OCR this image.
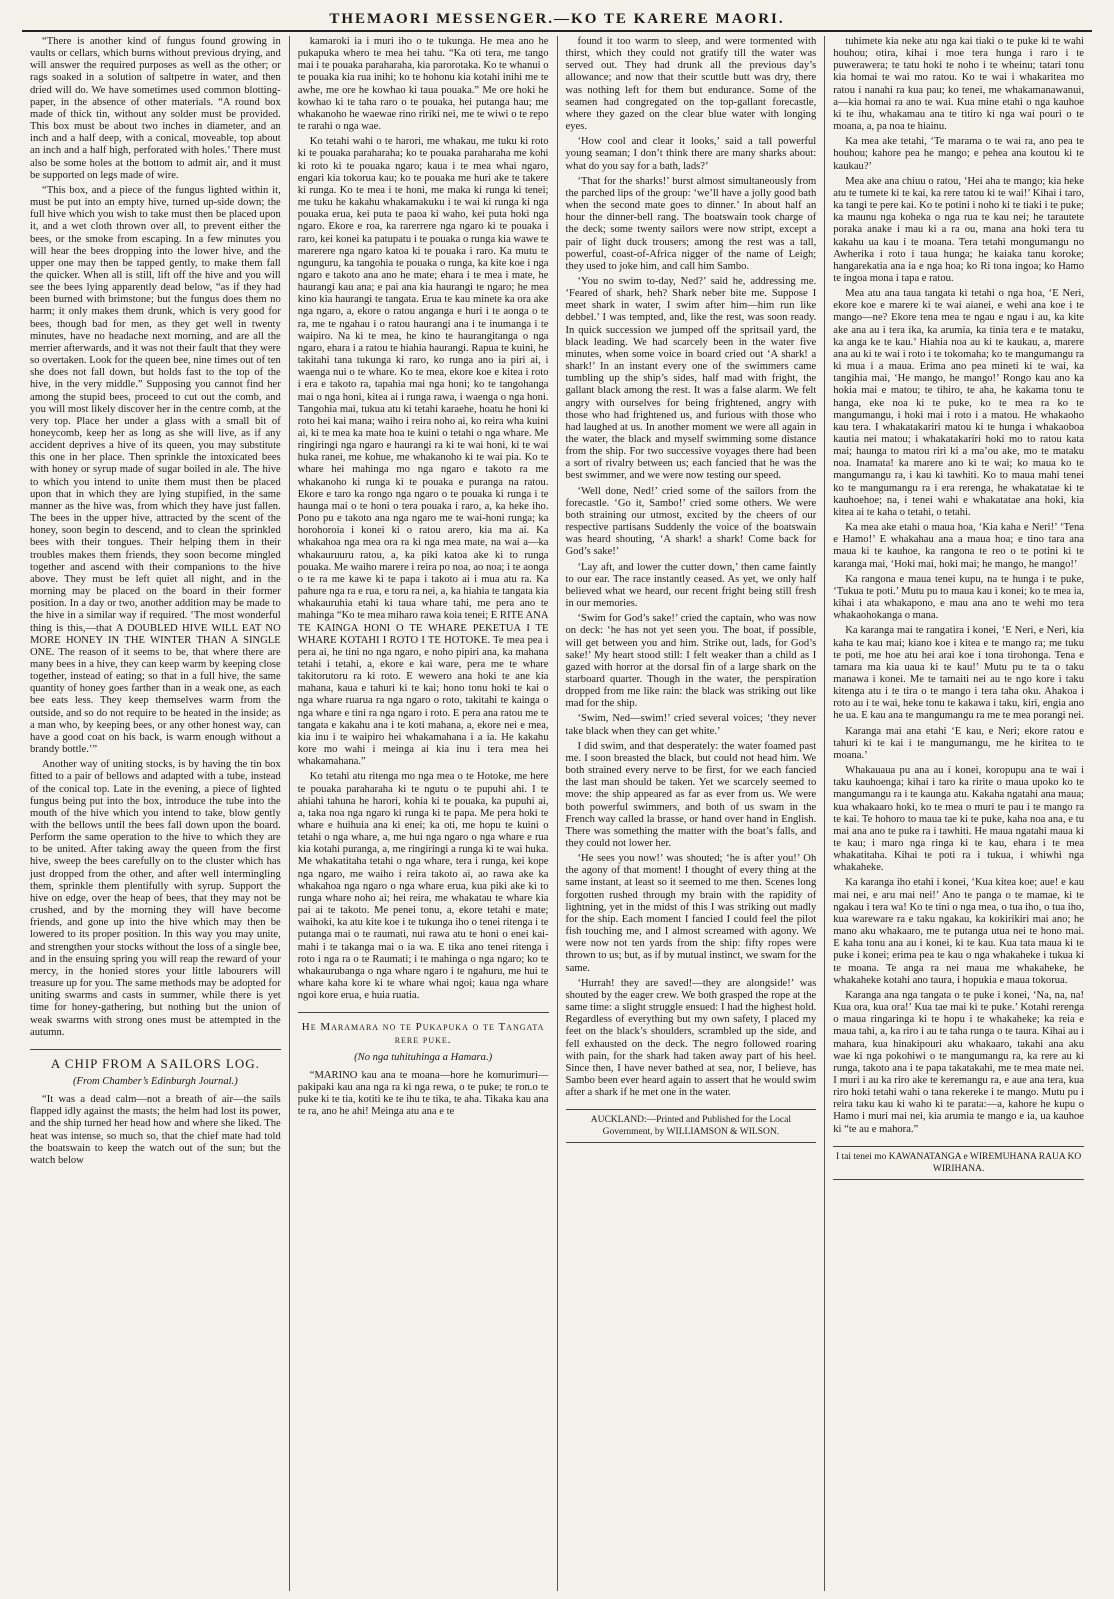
THEMAORI MESSENGER.—KO TE KARERE MAORI.

“There is another kind of fungus found growing in vaults or cellars, which burns without previous drying, and will answer the required purposes as well as the other; or rags soaked in a solution of saltpetre in water, and then dried will do. We have sometimes used common blotting-paper, in the absence of other materials. “A round box made of thick tin, without any solder must be provided. This box must be about two inches in diameter, and an inch and a half deep, with a conical, moveable, top about an inch and a half high, perforated with holes.’ There must also be some holes at the bottom to admit air, and it must be supported on legs made of wire.

“This box, and a piece of the fungus lighted within it, must be put into an empty hive, turned up-side down; the full hive which you wish to take must then be placed upon it, and a wet cloth thrown over all, to prevent either the bees, or the smoke from escaping. In a few minutes you will hear the bees dropping into the lower hive, and the upper one may then be tapped gently, to make them fall the quicker. When all is still, lift off the hive and you will see the bees lying apparently dead below, “as if they had been burned with brimstone; but the fungus does them no harm; it only makes them drunk, which is very good for bees, though bad for men, as they get well in twenty minutes, have no headache next morning, and are all the merrier afterwards, and it was not their fault that they were so overtaken. Look for the queen bee, nine times out of ten she does not fall down, but holds fast to the top of the hive, in the very middle.” Supposing you cannot find her among the stupid bees, proceed to cut out the comb, and you will most likely discover her in the centre comb, at the very top. Place her under a glass with a small bit of honeycomb, keep her as long as she will live, as if any accident deprives a hive of its queen, you may substitute this one in her place. Then sprinkle the intoxicated bees with honey or syrup made of sugar boiled in ale. The hive to which you intend to unite them must then be placed upon that in which they are lying stupified, in the same manner as the hive was, from which they have just fallen. The bees in the upper hive, attracted by the scent of the honey, soon begin to descend, and to clean the sprinkled bees with their tongues. Their helping them in their troubles makes them friends, they soon become mingled together and ascend with their companions to the hive above. They must be left quiet all night, and in the morning may be placed on the board in their former position. In a day or two, another addition may be made to the hive in a similar way if required. ‘The most wonderful thing is this,—that A DOUBLED HIVE WILL EAT NO MORE HONEY IN THE WINTER THAN A SINGLE ONE. The reason of it seems to be, that where there are many bees in a hive, they can keep warm by keeping close together, instead of eating; so that in a full hive, the same quantity of honey goes farther than in a weak one, as each bee eats less. They keep themselves warm from the outside, and so do not require to be heated in the inside; as a man who, by keeping bees, or any other honest way, can have a good coat on his back, is warm enough without a brandy bottle.’”

Another way of uniting stocks, is by having the tin box fitted to a pair of bellows and adapted with a tube, instead of the conical top. Late in the evening, a piece of lighted fungus being put into the box, introduce the tube into the mouth of the hive which you intend to take, blow gently with the bellows until the bees fall down upon the board. Perform the same operation to the hive to which they are to be united. After taking away the queen from the first hive, sweep the bees carefully on to the cluster which has just dropped from the other, and after well intermingling them, sprinkle them plentifully with syrup. Support the hive on edge, over the heap of bees, that they may not be crushed, and by the morning they will have become friends, and gone up into the hive which may then be lowered to its proper position. In this way you may unite, and strengthen your stocks without the loss of a single bee, and in the ensuing spring you will reap the reward of your mercy, in the honied stores your little labourers will treasure up for you. The same methods may be adopted for uniting swarms and casts in summer, while there is yet time for honey-gathering, but nothing but the union of weak swarms with strong ones must be attempted in the autumn.

A CHIP FROM A SAILORS LOG.
(From Chamber’s Edinburgh Journal.)

“It was a dead calm—not a breath of air—the sails flapped idly against the masts; the helm had lost its power, and the ship turned her head how and where she liked. The heat was intense, so much so, that the chief mate had told the boatswain to keep the watch out of the sun; but the watch below

kamaroki ia i muri iho o te tukunga. He mea ano he pukapuka whero te mea hei tahu. “Ka oti tera, me tango mai i te pouaka paraharaha, kia parorotaka. Ko te whanui o te pouaka kia rua inihi; ko te hohonu kia kotahi inihi me te awhe, me ore he kowhao ki taua pouaka.” Me ore hoki he kowhao ki te taha raro o te pouaka, hei putanga hau; me whakanoho he waewae rino ririki nei, me te wiwi o te repo te rarahi o nga wae.

Ko tetahi wahi o te harori, me whakau, me tuku ki roto ki te pouaka paraharaha; ko te pouaka paraharaha me kohi ki roto ki te pouaka ngaro; kaua i te mea whai ngaro, engari kia tokorua kau; ko te pouaka me huri ake te takere ki runga. Ko te mea i te honi, me maka ki runga ki tenei; me tuku he kakahu whakamakuku i te wai ki runga ki nga pouaka erua, kei puta te paoa ki waho, kei puta hoki nga ngaro. Ekore e roa, ka rarerrere nga ngaro ki te pouaka i raro, kei konei ka patupatu i te pouaka o runga kia wawe te marerere nga ngaro katoa ki te pouaka i raro. Ka mutu te ngunguru, ka tangohia te pouaka o runga, ka kite koe i nga ngaro e takoto ana ano he mate; ehara i te mea i mate, he haurangi kau ana; e pai ana kia haurangi te ngaro; he mea kino kia haurangi te tangata. Erua te kau minete ka ora ake nga ngaro, a, ekore o ratou anganga e huri i te aonga o te ra, me te ngahau i o ratou haurangi ana i te inumanga i te waipiro. Na ki te mea, he kino te haurangitanga o nga ngaro, ehara i a ratou te hiahia haurangi. Rapua te kuini, he takitahi tana tukunga ki raro, ko runga ano ia piri ai, i waenga nui o te whare. Ko te mea, ekore koe e kitea i roto i era e takoto ra, tapahia mai nga honi; ko te tangohanga mai o nga honi, kitea ai i runga rawa, i waenga o nga honi. Tangohia mai, tukua atu ki tetahi karaehe, hoatu he honi ki roto hei kai mana; waiho i reira noho ai, ko reira wha kuini ai, ki te mea ka mate hoa te kuini o tetahi o nga whare. Me ringiringi nga ngaro e haurangi ra ki te wai honi, ki te wai huka ranei, me kohue, me whakanoho ki te wai pia. Ko te whare hei mahinga mo nga ngaro e takoto ra me whakanoho ki runga ki te pouaka e puranga na ratou. Ekore e taro ka rongo nga ngaro o te pouaka ki runga i te haunga mai o te honi o tera pouaka i raro, a, ka heke iho. Pono pu e takoto ana nga ngaro me te wai-honi runga; ka horohoroia i konei ki o ratou arero, kia ma ai. Ka whakahoa nga mea ora ra ki nga mea mate, na wai a—ka whakauruuru ratou, a, ka piki katoa ake ki to runga pouaka. Me waiho marere i reira po noa, ao noa; i te aonga o te ra me kawe ki te papa i takoto ai i mua atu ra. Ka pahure nga ra e rua, e toru ra nei, a, ka hiahia te tangata kia whakauruhia etahi ki taua whare tahi, me pera ano te mahinga “Ko te mea miharo rawa koia tenei; E RITE ANA TE KAINGA HONI O TE WHARE PEKETUA I TE WHARE KOTAHI I ROTO I TE HOTOKE. Te mea pea i pera ai, he tini no nga ngaro, e noho pipiri ana, ka mahana tetahi i tetahi, a, ekore e kai ware, pera me te whare takitorutoru ra ki roto. E wewero ana hoki te ane kia mahana, kaua e tahuri ki te kai; hono tonu hoki te kai o nga whare ruarua ra nga ngaro o roto, takitahi te kainga o nga whare e tini ra nga ngaro i roto. E pera ana ratou me te tangata e kakahu ana i te koti mahana, a, ekore nei e mea, kia inu i te waipiro hei whakamahana i a ia. He kakahu kore mo wahi i meinga ai kia inu i tera mea hei whakamahana.”

Ko tetahi atu ritenga mo nga mea o te Hotoke, me here te pouaka paraharaha ki te ngutu o te pupuhi ahi. I te ahiahi tahuna he harori, kohia ki te pouaka, ka pupuhi ai, a, taka noa nga ngaro ki runga ki te papa. Me pera hoki te whare e huihuia ana ki enei; ka oti, me hopu te kuini o tetahi o nga whare, a, me hui nga ngaro o nga whare e rua kia kotahi puranga, a, me ringiringi a runga ki te wai huka. Me whakatitaha tetahi o nga whare, tera i runga, kei kope nga ngaro, me waiho i reira takoto ai, ao rawa ake ka whakahoa nga ngaro o nga whare erua, kua piki ake ki to runga whare noho ai; hei reira, me whakatau te whare kia pai ai te takoto. Me penei tonu, a, ekore tetahi e mate; waihoki, ka atu kite koe i te tukunga iho o tenei ritenga i te putanga mai o te raumati, nui rawa atu te honi o enei kai-mahi i te takanga mai o ia wa. E tika ano tenei ritenga i roto i nga ra o te Raumati; i te mahinga o nga ngaro; ko te whakaurubanga o nga whare ngaro i te ngahuru, me hui te whare kaha kore ki te whare whai ngoi; kaua nga whare ngoi kore erua, e huia ruatia.

He Maramara no te Pukapuka o te Tangata rere puke.
(No nga tuhituhinga a Hamara.)

“MARINO kau ana te moana—hore he komurimuri—pakipaki kau ana nga ra ki nga rewa, o te puke; te ron.o te puke ki te tia, kotiti ke te ihu te tika, te aha. Tikaka kau ana te ra, ano he ahi! Meinga atu ana e te

found it too warm to sleep, and were tormented with thirst, which they could not gratify till the water was served out. They had drunk all the previous day’s allowance; and now that their scuttle butt was dry, there was nothing left for them but endurance. Some of the seamen had congregated on the top-gallant forecastle, where they gazed on the clear blue water with longing eyes.

‘How cool and clear it looks,’ said a tall powerful young seaman; I don’t think there are many sharks about: what do you say for a bath, lads?’

‘That for the sharks!’ burst almost simultaneously from the parched lips of the group: ‘we’ll have a jolly good bath when the second mate goes to dinner.’ In about half an hour the dinner-bell rang. The boatswain took charge of the deck; some twenty sailors were now stript, except a pair of light duck trousers; among the rest was a tall, powerful, coast-of-Africa nigger of the name of Leigh; they used to joke him, and call him Sambo.

‘You no swim to-day, Ned?’ said he, addressing me. ‘Feared of shark, heh? Shark neber bite me. Suppose I meet shark in water, I swim after him—him run like debbel.’ I was tempted, and, like the rest, was soon ready. In quick succession we jumped off the spritsail yard, the black leading. We had scarcely been in the water five minutes, when some voice in board cried out ‘A shark! a shark!’ In an instant every one of the swimmers came tumbling up the ship’s sides, half mad with fright, the gallant black among the rest. It was a false alarm. We felt angry with ourselves for being frightened, angry with those who had frightened us, and furious with those who had laughed at us. In another moment we were all again in the water, the black and myself swimming some distance from the ship. For two successive voyages there had been a sort of rivalry between us; each fancied that he was the best swimmer, and we were now testing our speed.

‘Well done, Ned!’ cried some of the sailors from the forecastle. ‘Go it, Sambo!’ cried some others. We were both straining our utmost, excited by the cheers of our respective partisans Suddenly the voice of the boatswain was heard shouting, ‘A shark! a shark! Come back for God’s sake!’

‘Lay aft, and lower the cutter down,’ then came faintly to our ear. The race instantly ceased. As yet, we only half believed what we heard, our recent fright being still fresh in our memories.

‘Swim for God’s sake!’ cried the captain, who was now on deck: ‘he has not yet seen you. The boat, if possible, will get between you and him. Strike out, lads, for God’s sake!’ My heart stood still: I felt weaker than a child as I gazed with horror at the dorsal fin of a large shark on the starboard quarter. Though in the water, the perspiration dropped from me like rain: the black was striking out like mad for the ship.

‘Swim, Ned—swim!’ cried several voices; ‘they never take black when they can get white.’

I did swim, and that desperately: the water foamed past me. I soon breasted the black, but could not head him. We both strained every nerve to be first, for we each fancied the last man should be taken. Yet we scarcely seemed to move: the ship appeared as far as ever from us. We were both powerful swimmers, and both of us swam in the French way called la brasse, or hand over hand in English. There was something the matter with the boat’s falls, and they could not lower her.

‘He sees you now!’ was shouted; ‘he is after you!’ Oh the agony of that moment! I thought of every thing at the same instant, at least so it seemed to me then. Scenes long forgotten rushed through my brain with the rapidity of lightning, yet in the midst of this I was striking out madly for the ship. Each moment I fancied I could feel the pilot fish touching me, and I almost screamed with agony. We were now not ten yards from the ship: fifty ropes were thrown to us; but, as if by mutual instinct, we swam for the same.

‘Hurrah! they are saved!—they are alongside!’ was shouted by the eager crew. We both grasped the rope at the same time: a slight struggle ensued: I had the highest hold. Regardless of everything but my own safety, I placed my feet on the black’s shoulders, scrambled up the side, and fell exhausted on the deck. The negro followed roaring with pain, for the shark had taken away part of his heel. Since then, I have never bathed at sea, nor, I believe, has Sambo been ever heard again to assert that he would swim after a shark if he met one in the water.

AUCKLAND:—Printed and Published for the Local Government, by WILLIAMSON & WILSON.

tuhimete kia neke atu nga kai tiaki o te puke ki te wahi houhou; otira, kihai i moe tera hunga i raro i te puwerawera; te tatu hoki te noho i te wheinu; tatari tonu kia homai te wai mo ratou. Ko te wai i whakaritea mo ratou i nanahi ra kua pau; ko tenei, me whakamanawanui, a—kia homai ra ano te wai. Kua mine etahi o nga kauhoe ki te ihu, whakamau ana te titiro ki nga wai pouri o te moana, a, pa noa te hiainu.

Ka mea ake tetahi, ‘Te marama o te wai ra, ano pea te houhou; kahore pea he mango; e pehea ana koutou ki te kaukau?’

Mea ake ana chiuu o ratou, ‘Hei aha te mango; kia heke atu te tumete ki te kai, ka rere tatou ki te wai!’ Kihai i taro, ka tangi te pere kai. Ko te potini i noho ki te tiaki i te puke; ka maunu nga koheka o nga rua te kau nei; he tarautete poraka anake i mau ki a ra ou, mana ana hoki tera tu kakahu ua kau i te moana. Tera tetahi mongumangu no Awherika i roto i taua hunga; he kaiaka tanu koroke; hangarekatia ana ia e nga hoa; ko Ri tona ingoa; ko Hamo te ingoa mona i tapa e ratou.

Mea atu ana taua tangata ki tetahi o nga hoa, ‘E Neri, ekore koe e marere ki te wai aianei, e wehi ana koe i te mango—ne? Ekore tena mea te ngau e ngau i au, ka kite ake ana au i tera ika, ka arumia, ka tinia tera e te mataku, ka anga ke te kau.’ Hiahia noa au ki te kaukau, a, marere ana au ki te wai i roto i te tokomaha; ko te mangumangu ra ki mua i a maua. Erima ano pea mineti ki te wai, ka tangihia mai, ‘He mango, he mango!’ Rongo kau ano ka hokia mai e matou; te tihiro, te aha, he kakama tonu te hanga, eke noa ki te puke, ko te mea ra ko te mangumangu, i hoki mai i roto i a matou. He whakaoho kau tera. I whakatakariri matou ki te hunga i whakaoboa kautia nei matou; i whakatakariri hoki mo to ratou kata mai; haunga to matou riri ki a ma’ou ake, mo te mataku noa. Inamata! ka marere ano ki te wai; ko maua ko te mangumangu ra, i kau ki tawhiti. Ko to maua mahi tenei ko te mangumangu ra i era rerenga, he whakatatae ki te kauhoehoe; na, i tenei wahi e whakatatae ana hoki, kia kitea ai te kaha o tetahi, o tetahi.

Ka mea ake etahi o maua hoa, ‘Kia kaha e Neri!’ ‘Tena e Hamo!’ E whakahau ana a maua hoa; e tino tara ana maua ki te kauhoe, ka rangona te reo o te potini ki te karanga mai, ‘Hoki mai, hoki mai; he mango, he mango!’

Ka rangona e maua tenei kupu, na te hunga i te puke, ‘Tukua te poti.’ Mutu pu to maua kau i konei; ko te mea ia, kihai i ata whakapono, e mau ana ano te wehi mo tera whakaohokanga o mana.

Ka karanga mai te rangatira i konei, ‘E Neri, e Neri, kia kaha te kau mai; kiano koe i kitea e te mango ra; me tuku te poti, me hoe atu hei arai koe i tona tirohonga. Tena e tamara ma kia uaua ki te kau!’ Mutu pu te ta o taku manawa i konei. Me te tamaiti nei au te ngo kore i taku kitenga atu i te tira o te mango i tera taha oku. Ahakoa i roto au i te wai, heke tonu te kakawa i taku, kiri, engia ano he ua. E kau ana te mangumangu ra me te mea porangi nei.

Karanga mai ana etahi ‘E kau, e Neri; ekore ratou e tahuri ki te kai i te mangumangu, me he kiritea to te moana.’

Whakauaua pu ana au i konei, koropupu ana te wai i taku kauhoenga; kihai i taro ka ririte o maua upoko ko te mangumangu ra i te kaunga atu. Kakaha ngatahi ana maua; kua whakaaro hoki, ko te mea o muri te pau i te mango ra te kai. Te hohoro to maua tae ki te puke, kaha noa ana, e tu mai ana ano te puke ra i tawhiti. He maua ngatahi maua ki te kau; i maro nga ringa ki te kau, ehara i te mea whakatitaha. Kihai te poti ra i tukua, i whiwhi nga whakaheke.

Ka karanga iho etahi i konei, ‘Kua kitea koe; aue! e kau mai nei, e aru mai nei!’ Ano te panga o te mamae, ki te ngakau i tera wa! Ko te tini o nga mea, o tua iho, o tua iho, kua wareware ra e taku ngakau, ka kokirikiri mai ano; he mano aku whakaaro, me te putanga utua nei te hono mai. E kaha tonu ana au i konei, ki te kau. Kua tata maua ki te puke i konei; erima pea te kau o nga whakaheke i tukua ki te moana. Te anga ra nei maua me whakaheke, he whakaheke kotahi ano taura, i hopukia e maua tokorua.

Karanga ana nga tangata o te puke i konei, ‘Na, na, na! Kua ora, kua ora!’ Kua tae mai ki te puke.’ Kotahi rerenga o maua ringaringa ki te hopu i te whakaheke; ka reia e maua tahi, a, ka riro i au te taha runga o te taura. Kihai au i mahara, kua hinakipouri aku whakaaro, takahi ana aku wae ki nga pokohiwi o te mangumangu ra, ka rere au ki runga, takoto ana i te papa takatakahi, me te mea mate nei. I muri i au ka riro ake te keremangu ra, e aue ana tera, kua riro hoki tetahi wahi o tana rekereke i te mango. Mutu pu i reira taku kau ki waho ki te parata:—a, kahore he kupu o Hamo i muri mai nei, kia arumia te mango e ia, ua kauhoe ki “te au e mahora.”

I tai tenei mo KAWANATANGA e WIREMUHANA RAUA KO WIRIHANA.
